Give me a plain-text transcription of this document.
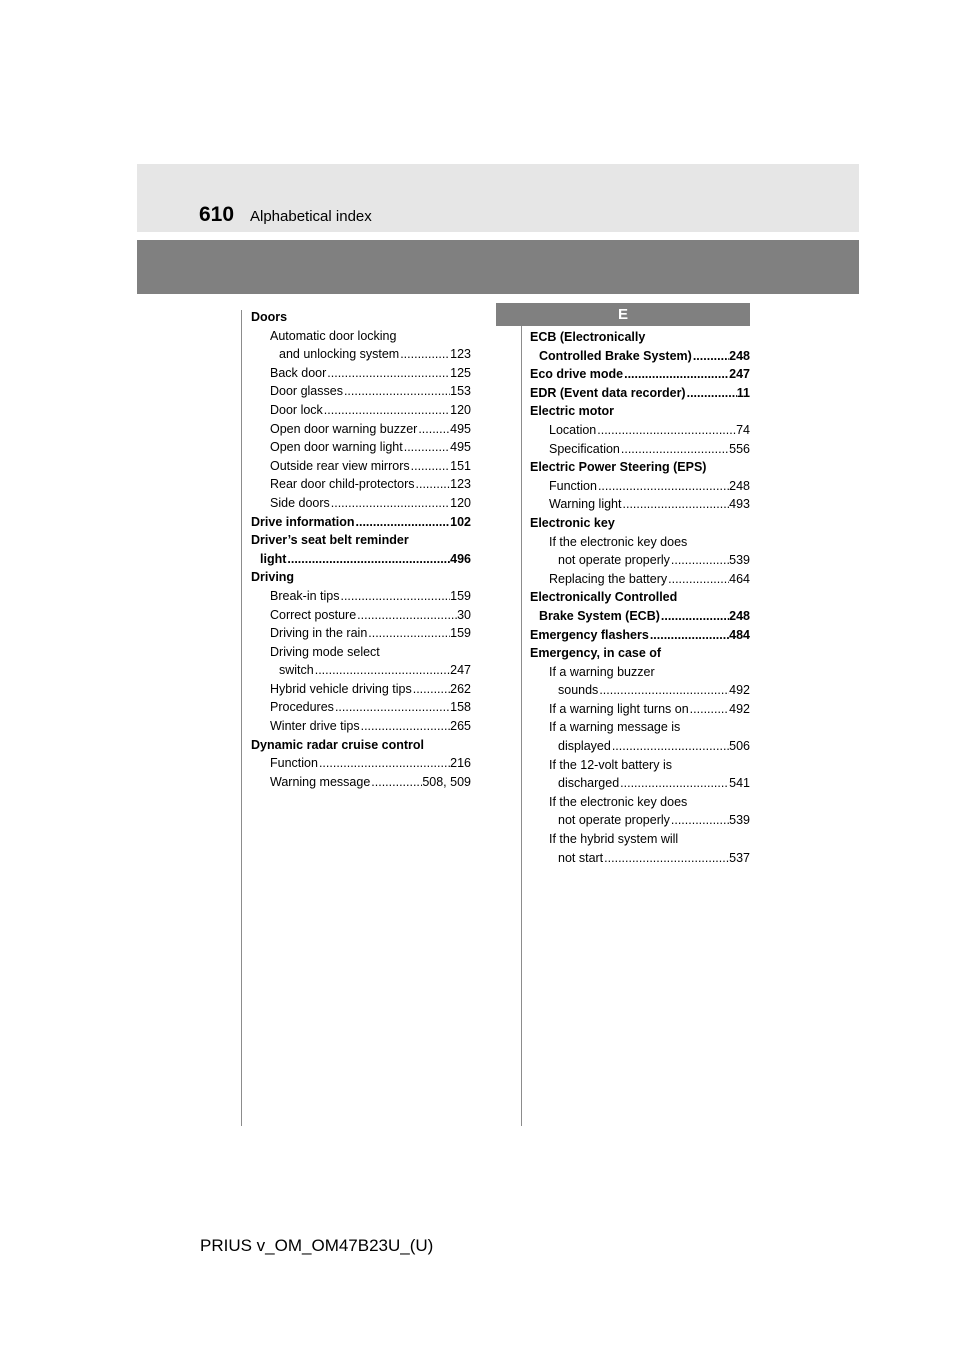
610 Alphabetical index
E
Doors
Automatic door locking
and unlocking system .....	123
Back door .....	125
Door glasses .....	153
Door lock .....	120
Open door warning buzzer .....	495
Open door warning light .....	495
Outside rear view mirrors .....	151
Rear door child-protectors .....	123
Side doors .....	120
Drive information .....	102
Driver’s seat belt reminder
light .....	496
Driving
Break-in tips .....	159
Correct posture .....	30
Driving in the rain .....	159
Driving mode select
switch .....	247
Hybrid vehicle driving tips .....	262
Procedures .....	158
Winter drive tips .....	265
Dynamic radar cruise control
Function .....	216
Warning message .....	508, 509
ECB (Electronically
Controlled Brake System) .....	248
Eco drive mode .....	247
EDR (Event data recorder) .....	11
Electric motor
Location .....	74
Specification .....	556
Electric Power Steering (EPS)
Function .....	248
Warning light .....	493
Electronic key
If the electronic key does
not operate properly .....	539
Replacing the battery .....	464
Electronically Controlled
Brake System (ECB) .....	248
Emergency flashers .....	484
Emergency, in case of
If a warning buzzer
sounds .....	492
If a warning light turns on .....	492
If a warning message is
displayed .....	506
If the 12-volt battery is
discharged .....	541
If the electronic key does
not operate properly .....	539
If the hybrid system will
not start .....	537
PRIUS v_OM_OM47B23U_(U)
